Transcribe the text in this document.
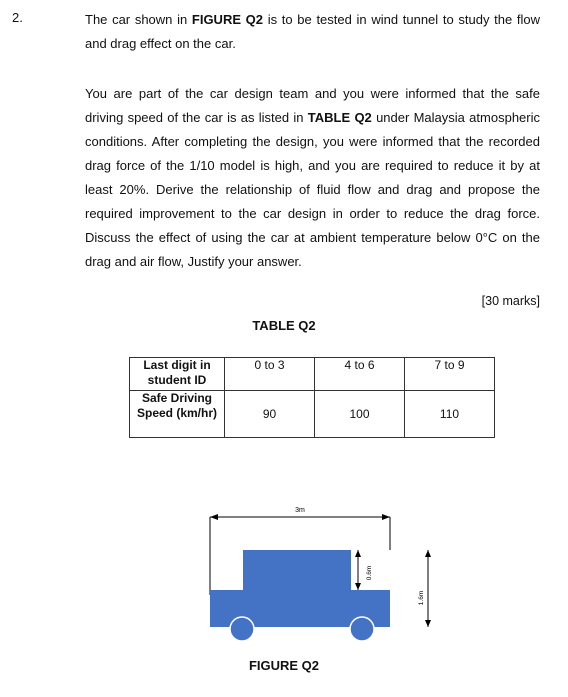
2.	The car shown in FIGURE Q2 is to be tested in wind tunnel to study the flow and drag effect on the car.

You are part of the car design team and you were informed that the safe driving speed of the car is as listed in TABLE Q2 under Malaysia atmospheric conditions. After completing the design, you were informed that the recorded drag force of the 1/10 model is high, and you are required to reduce it by at least 20%. Derive the relationship of fluid flow and drag and propose the required improvement to the car design in order to reduce the drag force. Discuss the effect of using the car at ambient temperature below 0°C on the drag and air flow, Justify your answer.

[30 marks]
TABLE Q2
Last digit in student ID	0 to 3	4 to 6	7 to 9
Safe Driving Speed (km/hr)	90	100	110
3m
0.6m
1.6m
FIGURE Q2
